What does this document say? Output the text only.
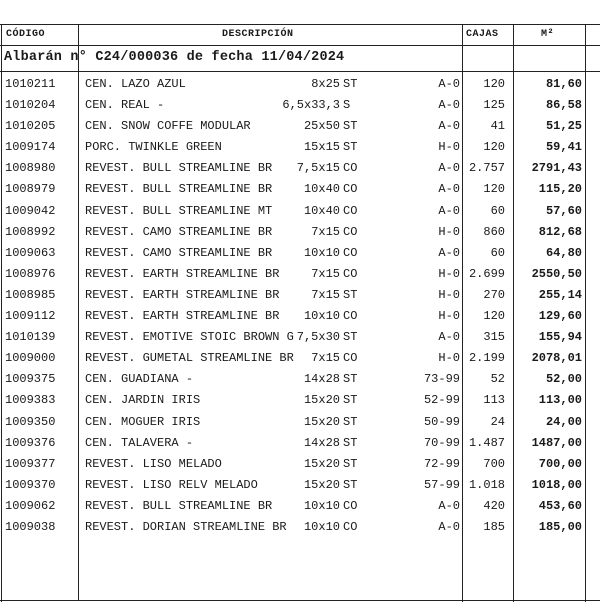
CÓDIGO	DESCRIPCIÓN	CAJAS	M²
Albarán n° C24/000036 de fecha 11/04/2024
1010211 CEN. LAZO AZUL	8x25 ST	A-0	120	81,60
1010204 CEN. REAL -	6,5x33,3 S	A-0	125	86,58
1010205 CEN. SNOW COFFE MODULAR	25x50 ST	A-0	41	51,25
1009174 PORC. TWINKLE GREEN	15x15 ST	H-0	120	59,41
1008980 REVEST. BULL STREAMLINE BR 7,5x15 CO	A-0 2.757	2791,43
1008979 REVEST. BULL STREAMLINE BR	10x40 CO	A-0	120	115,20
1009042 REVEST. BULL STREAMLINE MT	10x40 CO	A-0	60	57,60
1008992 REVEST. CAMO STREAMLINE BR	7x15 CO	H-0	860	812,68
1009063 REVEST. CAMO STREAMLINE BR	10x10 CO	A-0	60	64,80
1008976 REVEST. EARTH STREAMLINE BR	7x15 CO	H-0 2.699	2550,50
1008985 REVEST. EARTH STREAMLINE BR	7x15 ST	H-0	270	255,14
1009112 REVEST. EARTH STREAMLINE BR 10x10 CO	H-0	120	129,60
1010139 REVEST. EMOTIVE STOIC BROWN G 7,5x30 ST	A-0	315	155,94
1009000 REVEST. GUMETAL STREAMLINE BR 7x15 CO	H-0 2.199	2078,01
1009375 CEN. GUADIANA -	14x28 ST	73-99	52	52,00
1009383 CEN. JARDIN IRIS	15x20 ST	52-99	113	113,00
1009350 CEN. MOGUER IRIS	15x20 ST	50-99	24	24,00
1009376 CEN. TALAVERA -	14x28 ST	70-99 1.487	1487,00
1009377 REVEST. LISO MELADO	15x20 ST	72-99	700	700,00
1009370 REVEST. LISO RELV MELADO	15x20 ST	57-99 1.018	1018,00
1009062 REVEST. BULL STREAMLINE BR	10x10 CO	A-0	420	453,60
1009038 REVEST. DORIAN STREAMLINE BR 10x10 CO	A-0	185	185,00
